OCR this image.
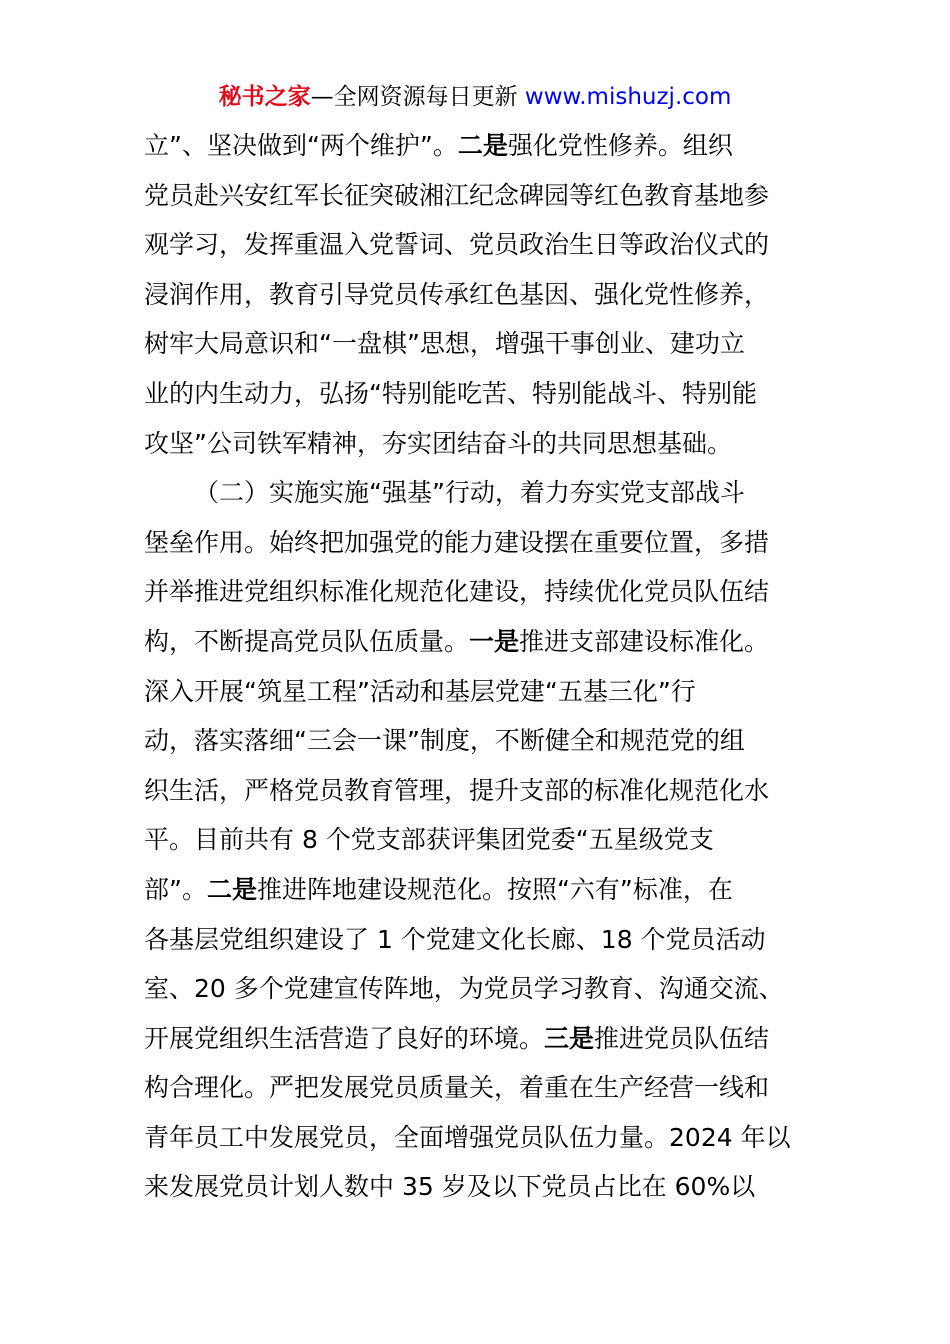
秘书之家—全网资源每日更新 www.mishuzj.com
立”、坚决做到“两个维护”。二是强化党性修养。组织
党员赴兴安红军长征突破湘江纪念碑园等红色教育基地参
观学习，发挥重温入党誓词、党员政治生日等政治仪式的
浸润作用，教育引导党员传承红色基因、强化党性修养，
树牢大局意识和“一盘棋”思想，增强干事创业、建功立
业的内生动力，弘扬“特别能吃苦、特别能战斗、特别能
攻坚”公司铁军精神，夯实团结奋斗的共同思想基础。
（二）实施实施“强基”行动，着力夯实党支部战斗
堡垒作用。始终把加强党的能力建设摆在重要位置，多措
并举推进党组织标准化规范化建设，持续优化党员队伍结
构，不断提高党员队伍质量。一是推进支部建设标准化。
深入开展“筑星工程”活动和基层党建“五基三化”行
动，落实落细“三会一课”制度，不断健全和规范党的组
织生活，严格党员教育管理，提升支部的标准化规范化水
平。目前共有 8 个党支部获评集团党委“五星级党支
部”。二是推进阵地建设规范化。按照“六有”标准，在
各基层党组织建设了 1 个党建文化长廊、18 个党员活动
室、20 多个党建宣传阵地，为党员学习教育、沟通交流、
开展党组织生活营造了良好的环境。三是推进党员队伍结
构合理化。严把发展党员质量关，着重在生产经营一线和
青年员工中发展党员，全面增强党员队伍力量。2024 年以
来发展党员计划人数中 35 岁及以下党员占比在 60%以
